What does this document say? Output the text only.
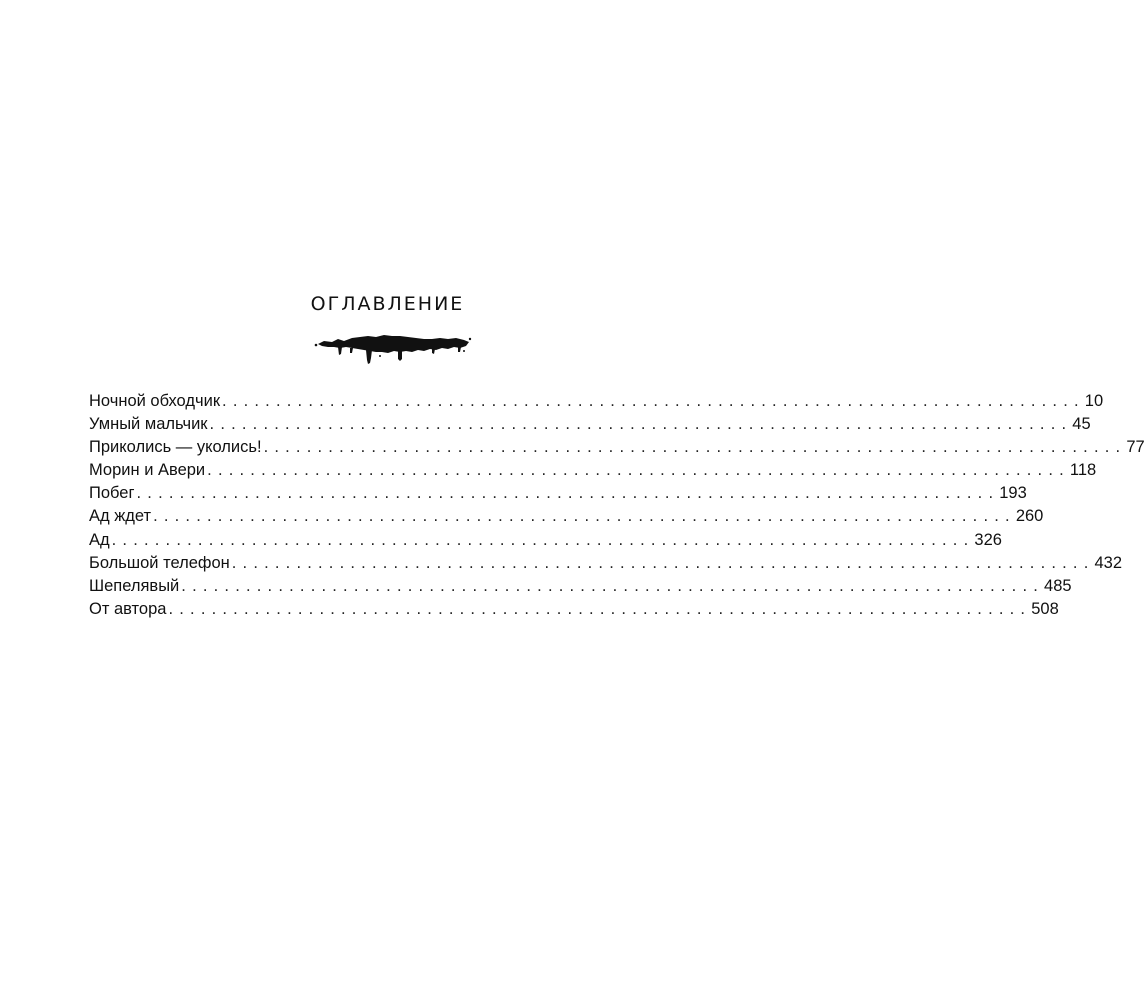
ОГЛАВЛЕНИЕ
Ночной обходчик ................................................................................ 10
Умный мальчик ................................................................................ 45
Приколись — уколись! ................................................................................ 77
Морин и Авери ................................................................................ 118
Побег ................................................................................ 193
Ад ждет ................................................................................ 260
Ад ................................................................................ 326
Большой телефон ................................................................................ 432
Шепелявый ................................................................................ 485
От автора ................................................................................ 508
